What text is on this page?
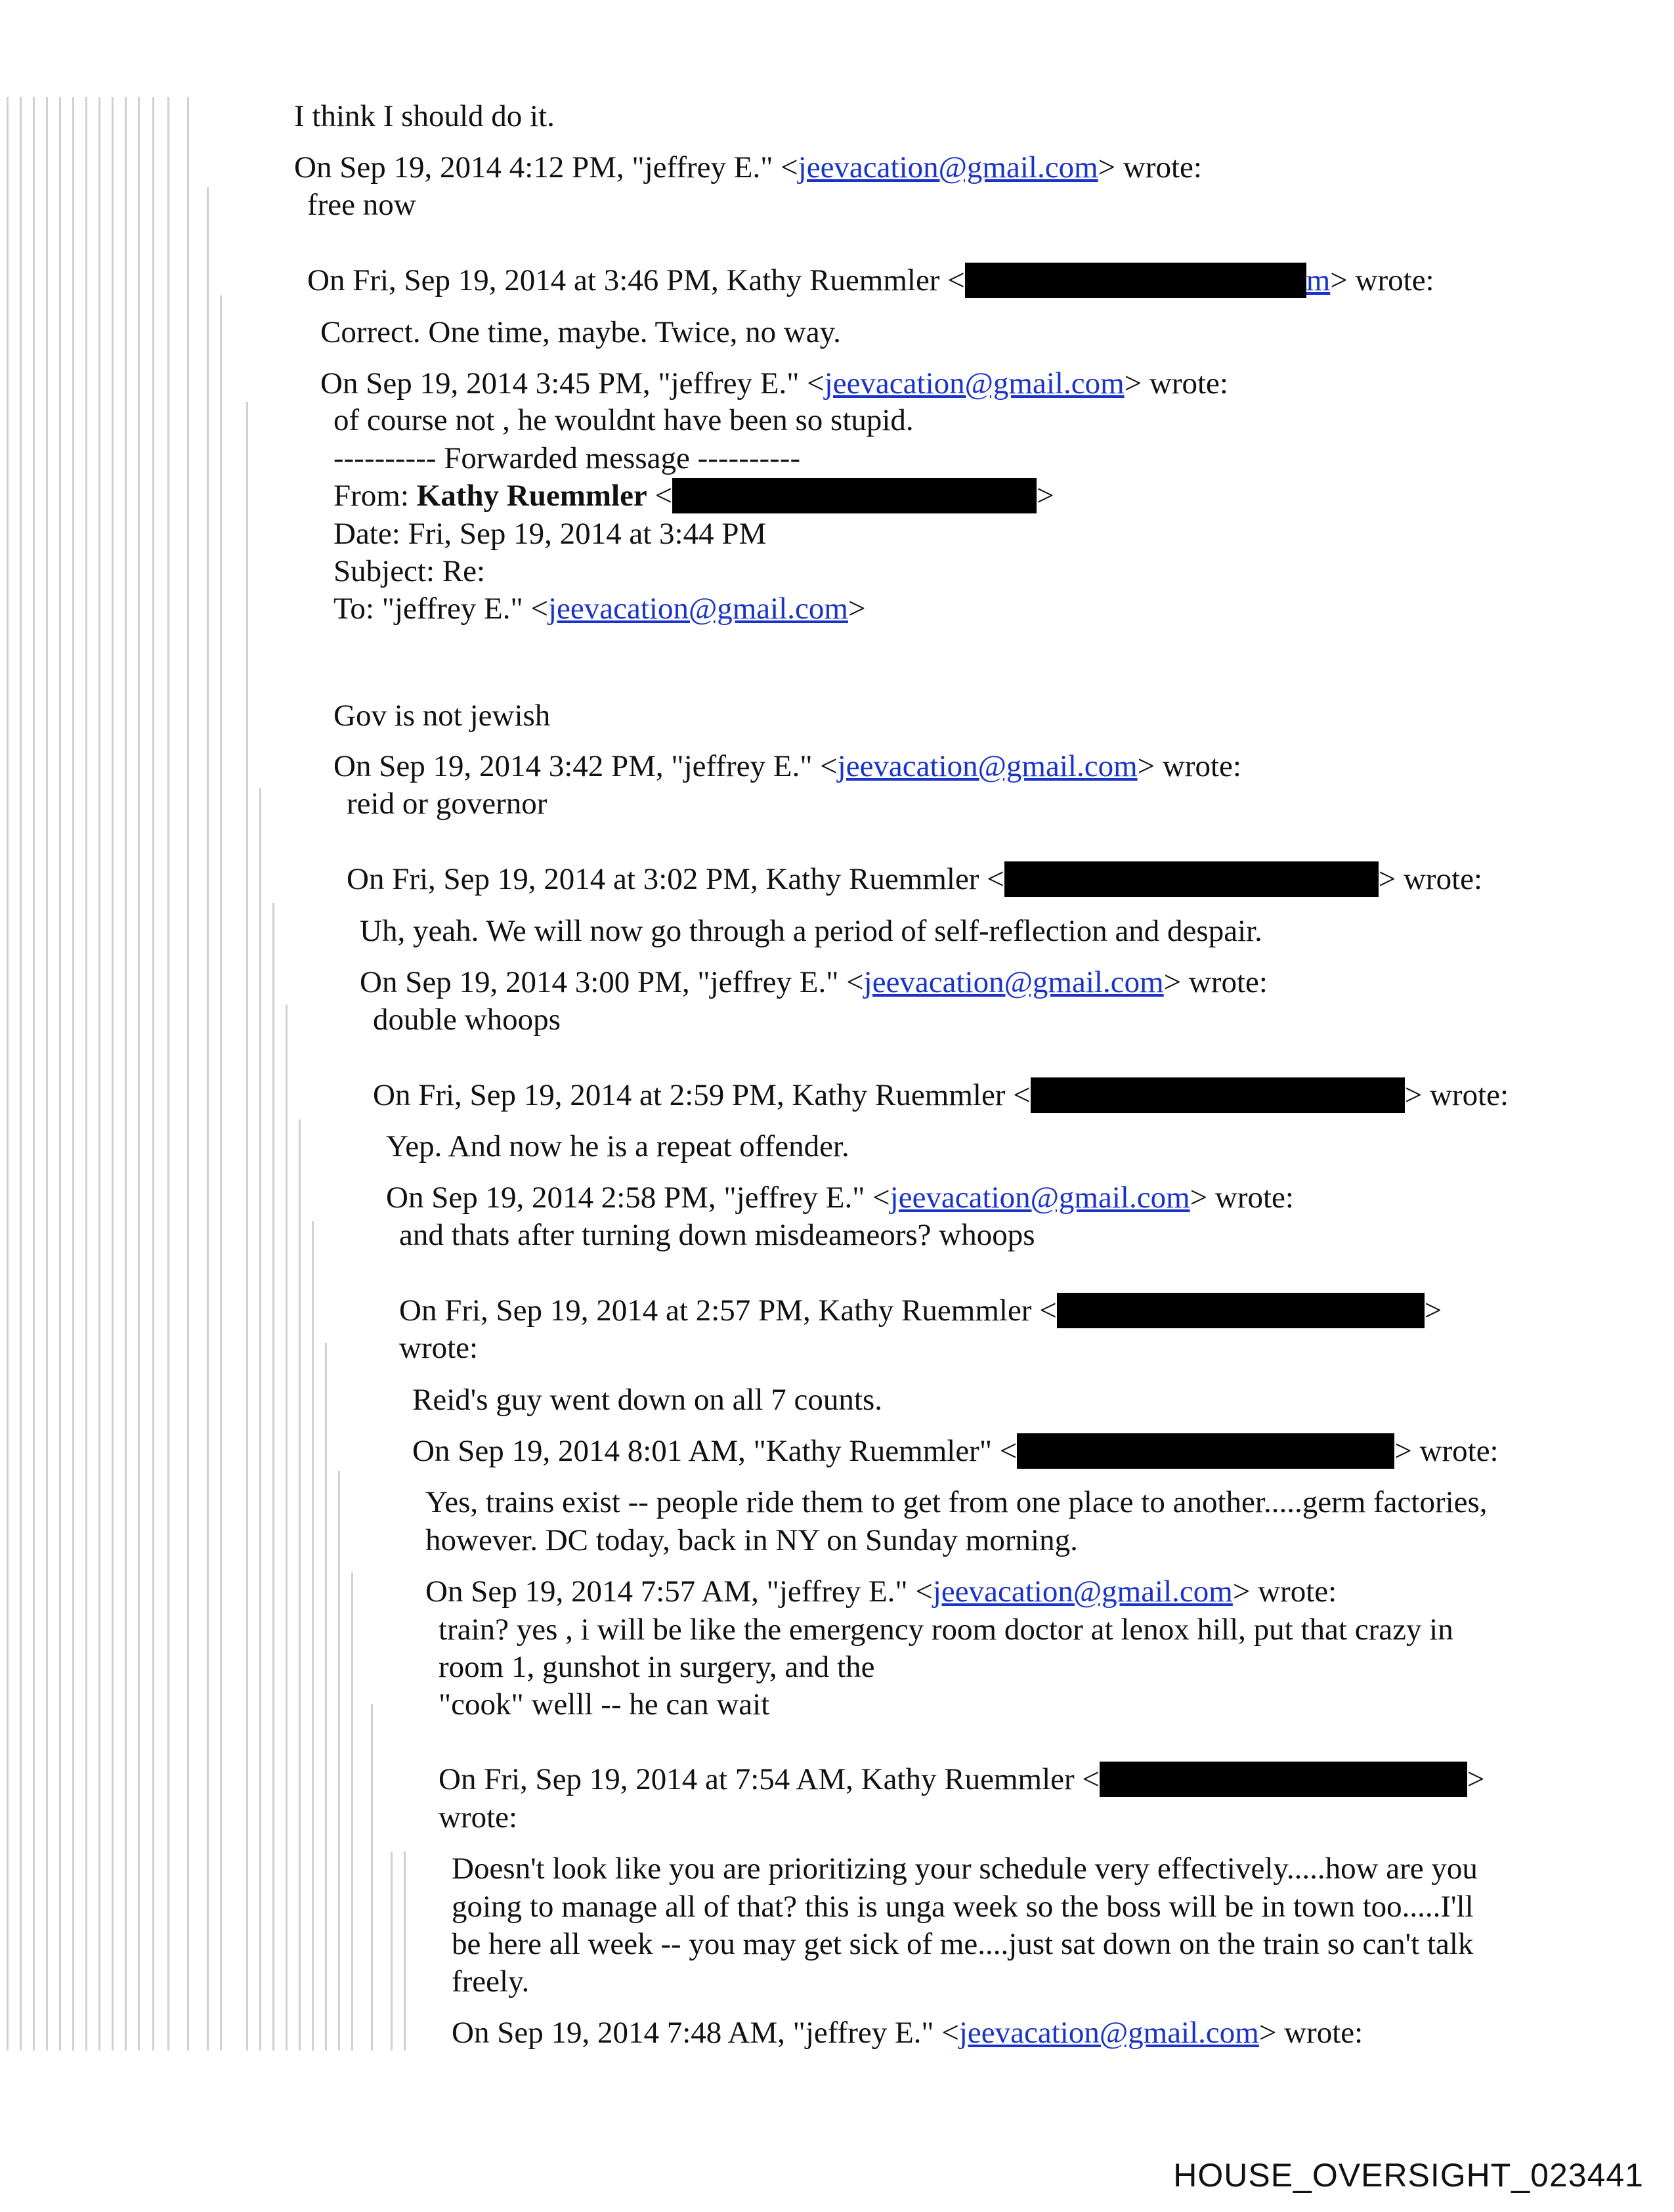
I think I should do it.
On Sep 19, 2014 4:12 PM, "jeffrey E." <jeevacation@gmail.com> wrote:
free now
On Fri, Sep 19, 2014 at 3:46 PM, Kathy Ruemmler <	m> wrote:
Correct. One time, maybe. Twice, no way.
On Sep 19, 2014 3:45 PM, "jeffrey E." <jeevacation@gmail.com> wrote:
of course not , he wouldnt have been so stupid.
---------- Forwarded message ----------
From: Kathy Ruemmler <	>
Date: Fri, Sep 19, 2014 at 3:44 PM
Subject: Re:
To: "jeffrey E." <jeevacation@gmail.com>
Gov is not jewish
On Sep 19, 2014 3:42 PM, "jeffrey E." <jeevacation@gmail.com> wrote:
reid or governor
On Fri, Sep 19, 2014 at 3:02 PM, Kathy Ruemmler <	> wrote:
Uh, yeah. We will now go through a period of self-reflection and despair.
On Sep 19, 2014 3:00 PM, "jeffrey E." <jeevacation@gmail.com> wrote:
double whoops
On Fri, Sep 19, 2014 at 2:59 PM, Kathy Ruemmler <	> wrote:
Yep. And now he is a repeat offender.
On Sep 19, 2014 2:58 PM, "jeffrey E." <jeevacation@gmail.com> wrote:
and thats after turning down misdeameors? whoops
On Fri, Sep 19, 2014 at 2:57 PM, Kathy Ruemmler <	>
wrote:
Reid's guy went down on all 7 counts.
On Sep 19, 2014 8:01 AM, "Kathy Ruemmler" <	> wrote:
Yes, trains exist -- people ride them to get from one place to another.....germ factories,
however. DC today, back in NY on Sunday morning.
On Sep 19, 2014 7:57 AM, "jeffrey E." <jeevacation@gmail.com> wrote:
train? yes , i will be like the emergency room doctor at lenox hill, put that crazy in
room 1, gunshot in surgery, and the
"cook" welll -- he can wait
On Fri, Sep 19, 2014 at 7:54 AM, Kathy Ruemmler <	>
wrote:
Doesn't look like you are prioritizing your schedule very effectively.....how are you
going to manage all of that? this is unga week so the boss will be in town too.....I'll
be here all week -- you may get sick of me....just sat down on the train so can't talk
freely.
On Sep 19, 2014 7:48 AM, "jeffrey E." <jeevacation@gmail.com> wrote:
HOUSE_OVERSIGHT_023441
